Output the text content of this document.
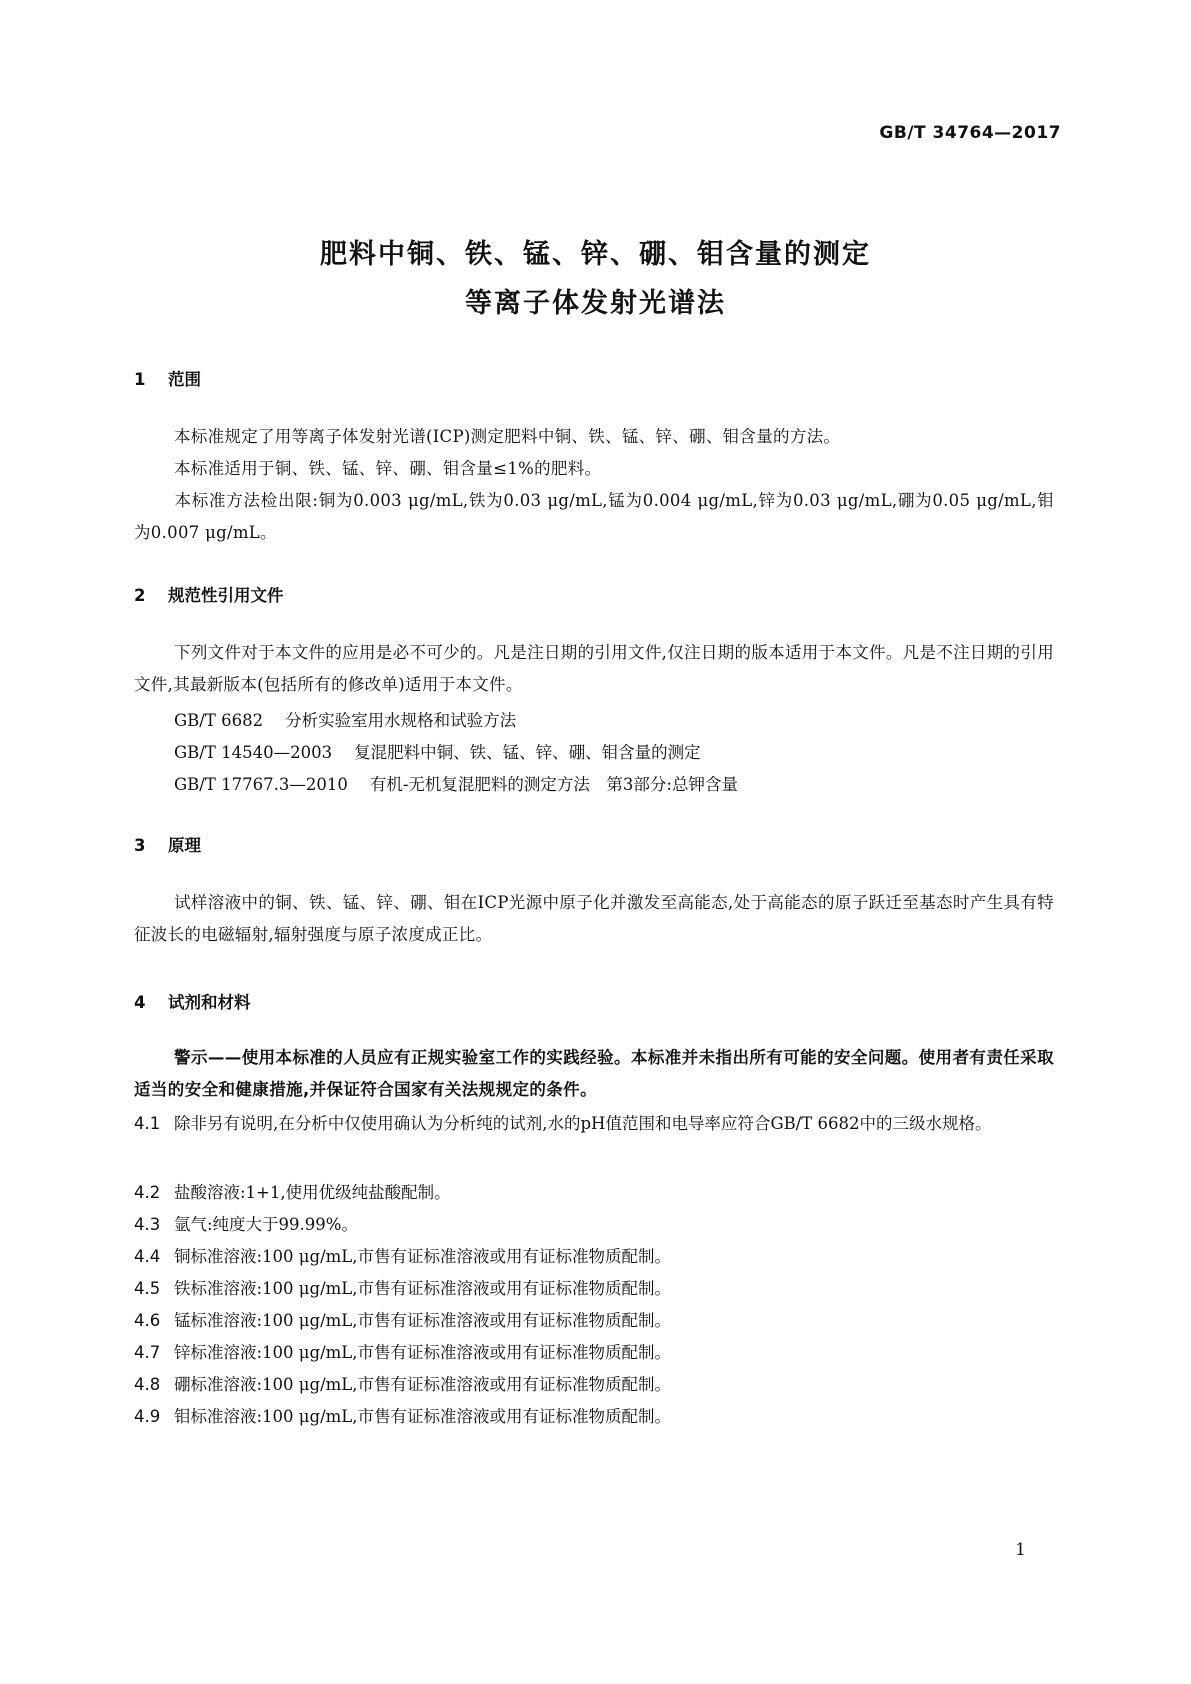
GB/T 34764—2017
肥料中铜、铁、锰、锌、硼、钼含量的测定
等离子体发射光谱法
1 范围
本标准规定了用等离子体发射光谱(ICP)测定肥料中铜、铁、锰、锌、硼、钼含量的方法。
本标准适用于铜、铁、锰、锌、硼、钼含量≤1%的肥料。
本标准方法检出限:铜为0.003 μg/mL,铁为0.03 μg/mL,锰为0.004 μg/mL,锌为0.03 μg/mL,硼为0.05 μg/mL,钼为0.007 μg/mL。
2 规范性引用文件
下列文件对于本文件的应用是必不可少的。凡是注日期的引用文件,仅注日期的版本适用于本文件。凡是不注日期的引用文件,其最新版本(包括所有的修改单)适用于本文件。
GB/T 6682 分析实验室用水规格和试验方法
GB/T 14540—2003 复混肥料中铜、铁、锰、锌、硼、钼含量的测定
GB/T 17767.3—2010 有机-无机复混肥料的测定方法　第3部分:总钾含量
3 原理
试样溶液中的铜、铁、锰、锌、硼、钼在ICP光源中原子化并激发至高能态,处于高能态的原子跃迁至基态时产生具有特征波长的电磁辐射,辐射强度与原子浓度成正比。
4 试剂和材料
警示——使用本标准的人员应有正规实验室工作的实践经验。本标准并未指出所有可能的安全问题。使用者有责任采取适当的安全和健康措施,并保证符合国家有关法规规定的条件。
4.1 除非另有说明,在分析中仅使用确认为分析纯的试剂,水的pH值范围和电导率应符合GB/T 6682中的三级水规格。
4.2 盐酸溶液:1+1,使用优级纯盐酸配制。
4.3 氩气:纯度大于99.99%。
4.4 铜标准溶液:100 μg/mL,市售有证标准溶液或用有证标准物质配制。
4.5 铁标准溶液:100 μg/mL,市售有证标准溶液或用有证标准物质配制。
4.6 锰标准溶液:100 μg/mL,市售有证标准溶液或用有证标准物质配制。
4.7 锌标准溶液:100 μg/mL,市售有证标准溶液或用有证标准物质配制。
4.8 硼标准溶液:100 μg/mL,市售有证标准溶液或用有证标准物质配制。
4.9 钼标准溶液:100 μg/mL,市售有证标准溶液或用有证标准物质配制。
1
